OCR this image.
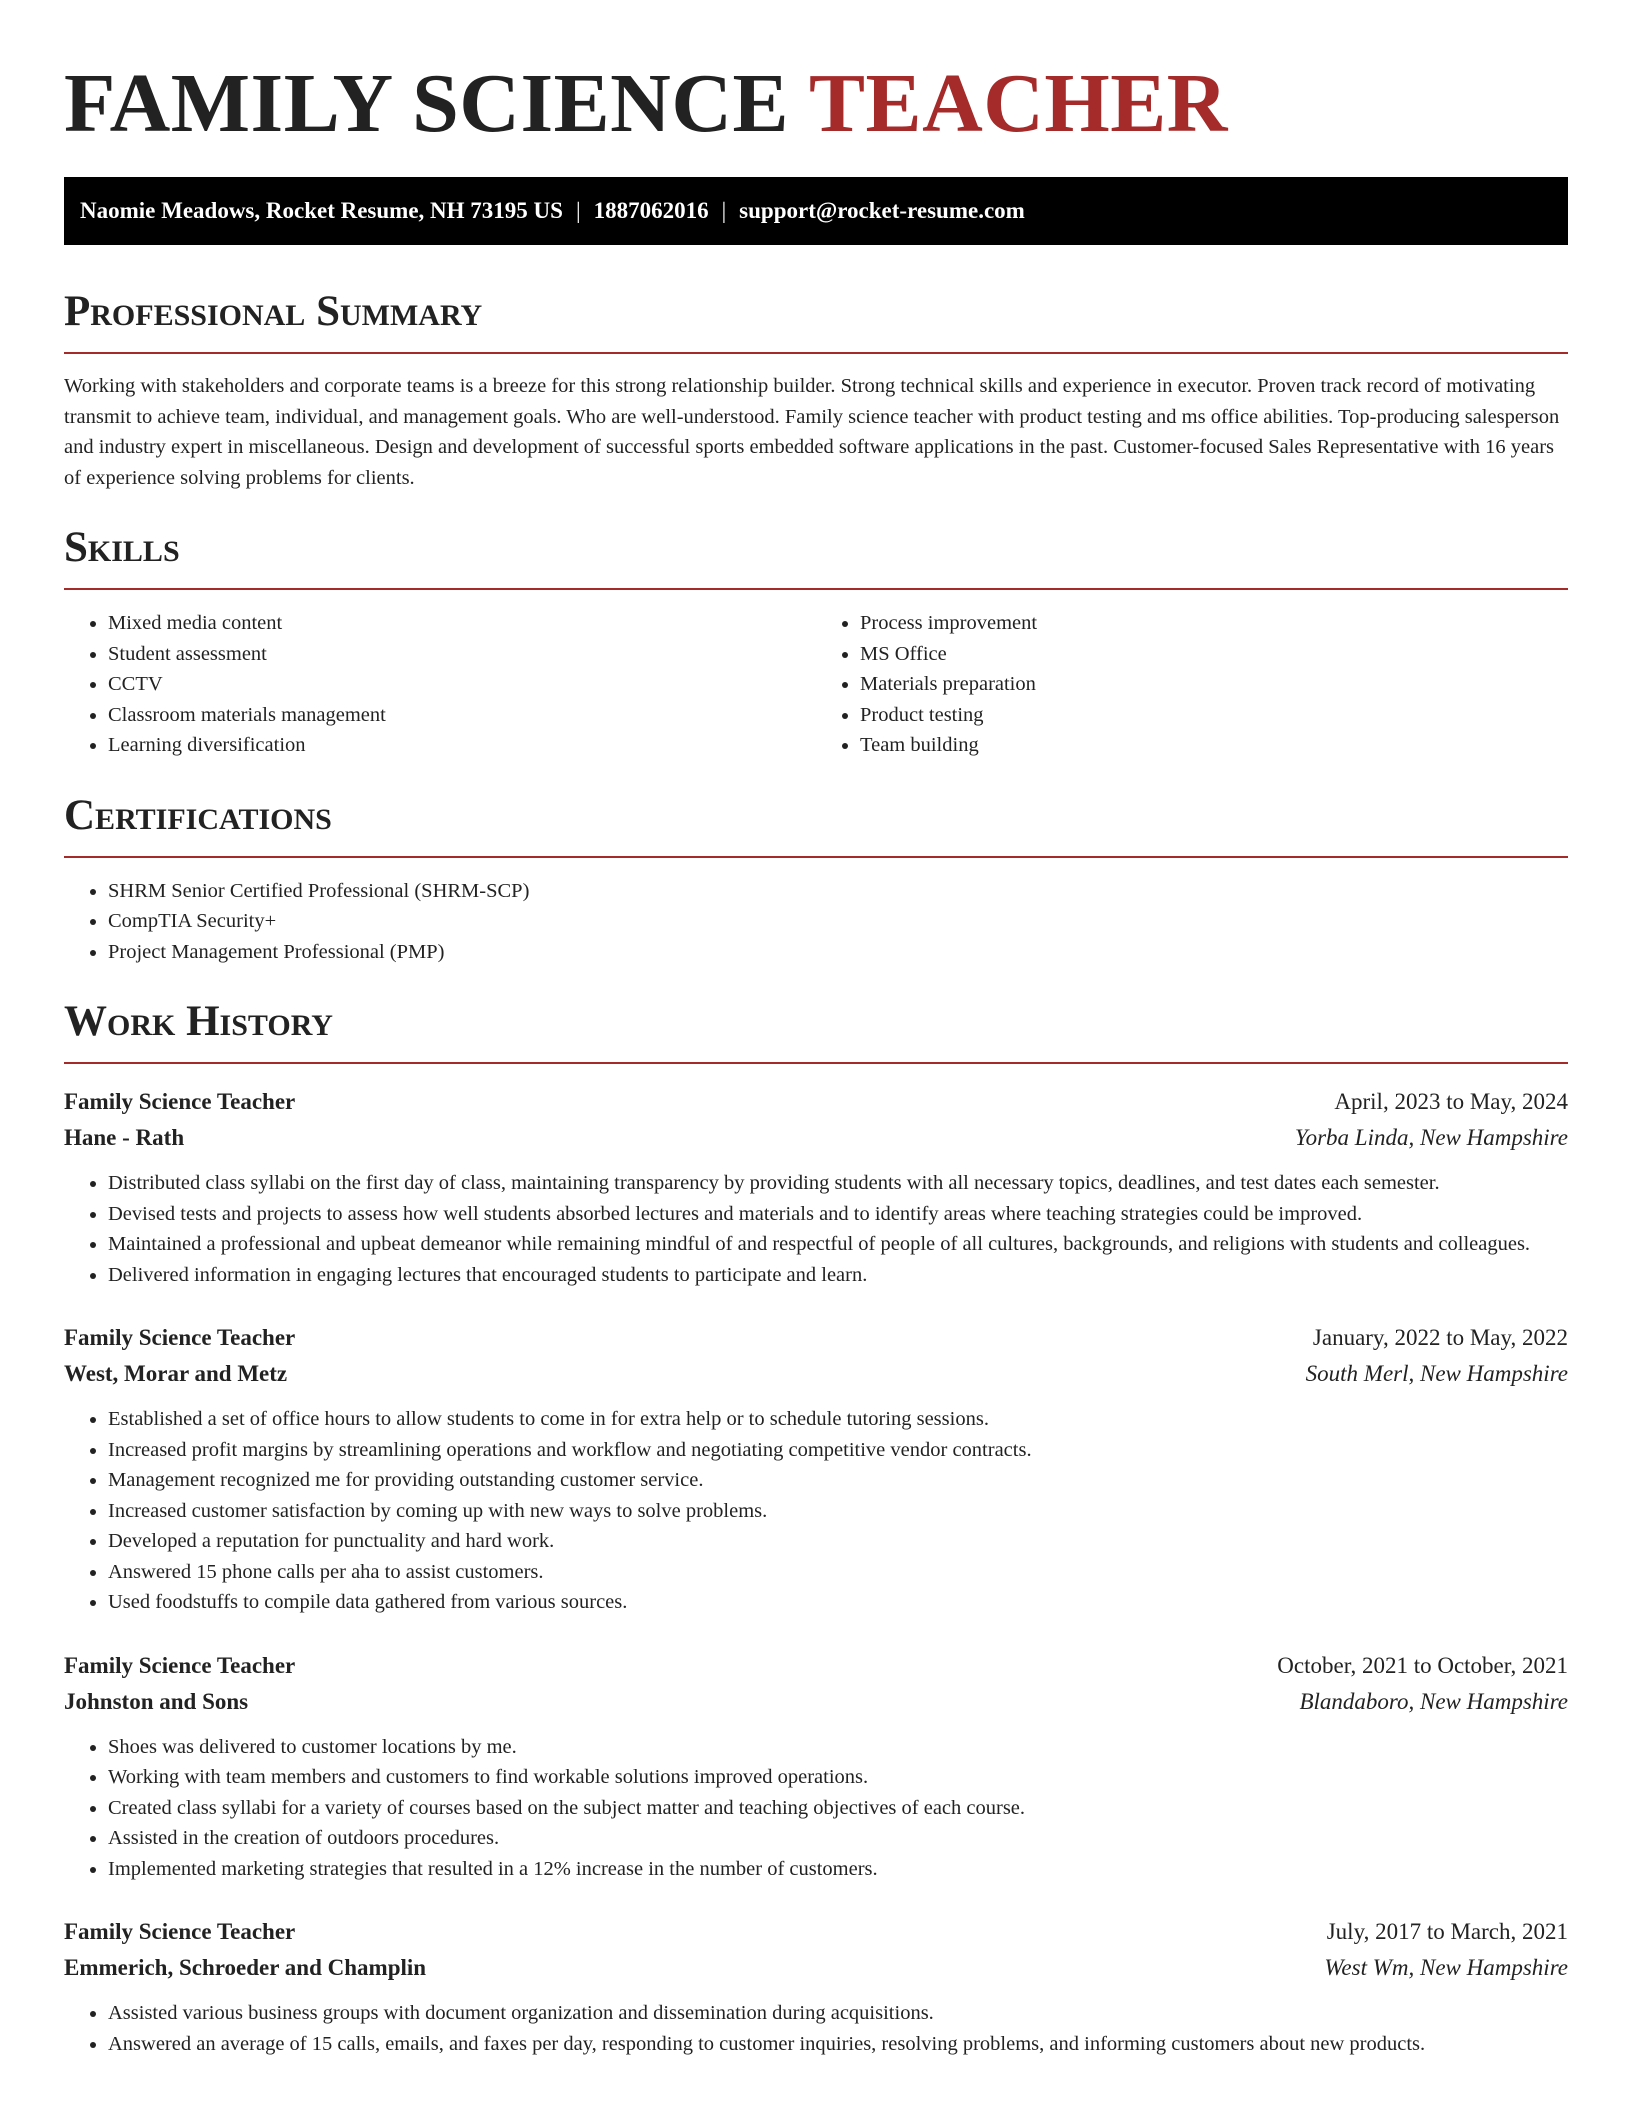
FAMILY SCIENCE TEACHER
Naomie Meadows, Rocket Resume, NH 73195 US | 1887062016 | support@rocket-resume.com
Professional Summary

Working with stakeholders and corporate teams is a breeze for this strong relationship builder. Strong technical skills and experience in executor. Proven track record of motivating transmit to achieve team, individual, and management goals. Who are well-understood. Family science teacher with product testing and ms office abilities. Top-producing salesperson and industry expert in miscellaneous. Design and development of successful sports embedded software applications in the past. Customer-focused Sales Representative with 16 years of experience solving problems for clients.

Skills
• Mixed media content
• Student assessment
• CCTV
• Classroom materials management
• Learning diversification
• Process improvement
• MS Office
• Materials preparation
• Product testing
• Team building
Certifications
• SHRM Senior Certified Professional (SHRM-SCP)
• CompTIA Security+
• Project Management Professional (PMP)
Work History
Family Science Teacher	April, 2023 to May, 2024
Hane - Rath	Yorba Linda, New Hampshire
• Distributed class syllabi on the first day of class, maintaining transparency by providing students with all necessary topics, deadlines, and test dates each semester.
• Devised tests and projects to assess how well students absorbed lectures and materials and to identify areas where teaching strategies could be improved.
• Maintained a professional and upbeat demeanor while remaining mindful of and respectful of people of all cultures, backgrounds, and religions with students and colleagues.
• Delivered information in engaging lectures that encouraged students to participate and learn.
Family Science Teacher	January, 2022 to May, 2022
West, Morar and Metz	South Merl, New Hampshire
• Established a set of office hours to allow students to come in for extra help or to schedule tutoring sessions.
• Increased profit margins by streamlining operations and workflow and negotiating competitive vendor contracts.
• Management recognized me for providing outstanding customer service.
• Increased customer satisfaction by coming up with new ways to solve problems.
• Developed a reputation for punctuality and hard work.
• Answered 15 phone calls per aha to assist customers.
• Used foodstuffs to compile data gathered from various sources.
Family Science Teacher	October, 2021 to October, 2021
Johnston and Sons	Blandaboro, New Hampshire
• Shoes was delivered to customer locations by me.
• Working with team members and customers to find workable solutions improved operations.
• Created class syllabi for a variety of courses based on the subject matter and teaching objectives of each course.
• Assisted in the creation of outdoors procedures.
• Implemented marketing strategies that resulted in a 12% increase in the number of customers.
Family Science Teacher	July, 2017 to March, 2021
Emmerich, Schroeder and Champlin	West Wm, New Hampshire
• Assisted various business groups with document organization and dissemination during acquisitions.
• Answered an average of 15 calls, emails, and faxes per day, responding to customer inquiries, resolving problems, and informing customers about new products.
